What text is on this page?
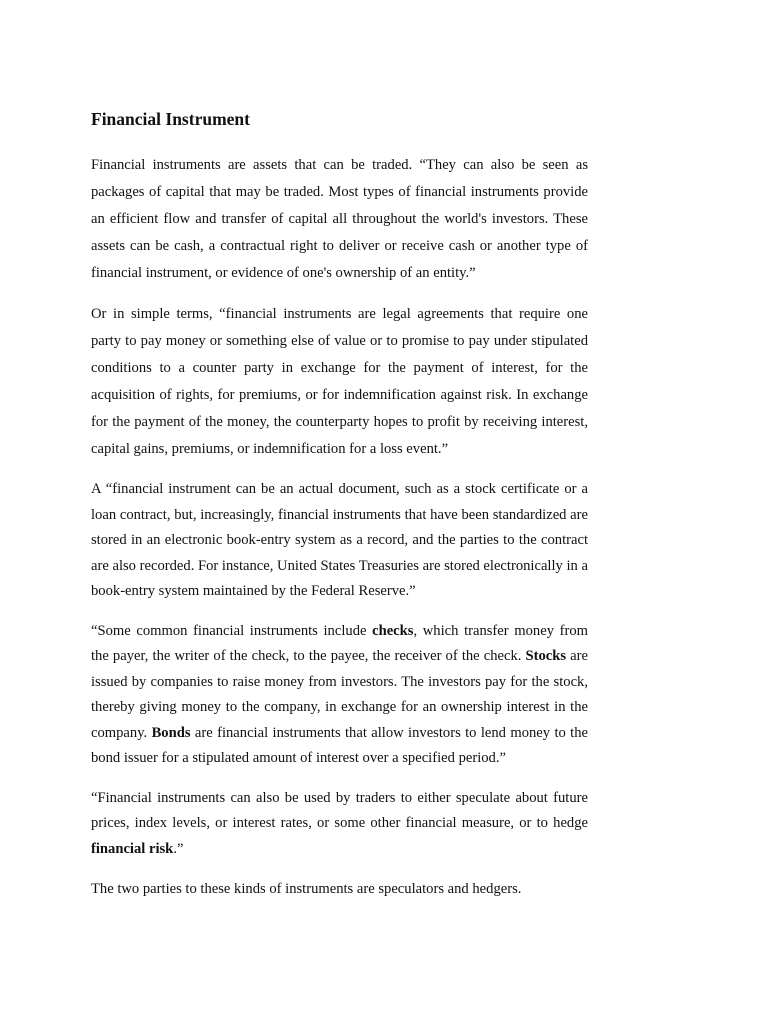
Financial Instrument

Financial instruments are assets that can be traded. “They can also be seen as packages of capital that may be traded. Most types of financial instruments provide an efficient flow and transfer of capital all throughout the world's investors. These assets can be cash, a contractual right to deliver or receive cash or another type of financial instrument, or evidence of one's ownership of an entity.”

Or in simple terms, “financial instruments are legal agreements that require one party to pay money or something else of value or to promise to pay under stipulated conditions to a counter party in exchange for the payment of interest, for the acquisition of rights, for premiums, or for indemnification against risk. In exchange for the payment of the money, the counterparty hopes to profit by receiving interest, capital gains, premiums, or indemnification for a loss event.”

A “financial instrument can be an actual document, such as a stock certificate or a loan contract, but, increasingly, financial instruments that have been standardized are stored in an electronic book-entry system as a record, and the parties to the contract are also recorded. For instance, United States Treasuries are stored electronically in a book-entry system maintained by the Federal Reserve.”

“Some common financial instruments include checks, which transfer money from the payer, the writer of the check, to the payee, the receiver of the check. Stocks are issued by companies to raise money from investors. The investors pay for the stock, thereby giving money to the company, in exchange for an ownership interest in the company. Bonds are financial instruments that allow investors to lend money to the bond issuer for a stipulated amount of interest over a specified period.”

“Financial instruments can also be used by traders to either speculate about future prices, index levels, or interest rates, or some other financial measure, or to hedge financial risk.”

The two parties to these kinds of instruments are speculators and hedgers.
